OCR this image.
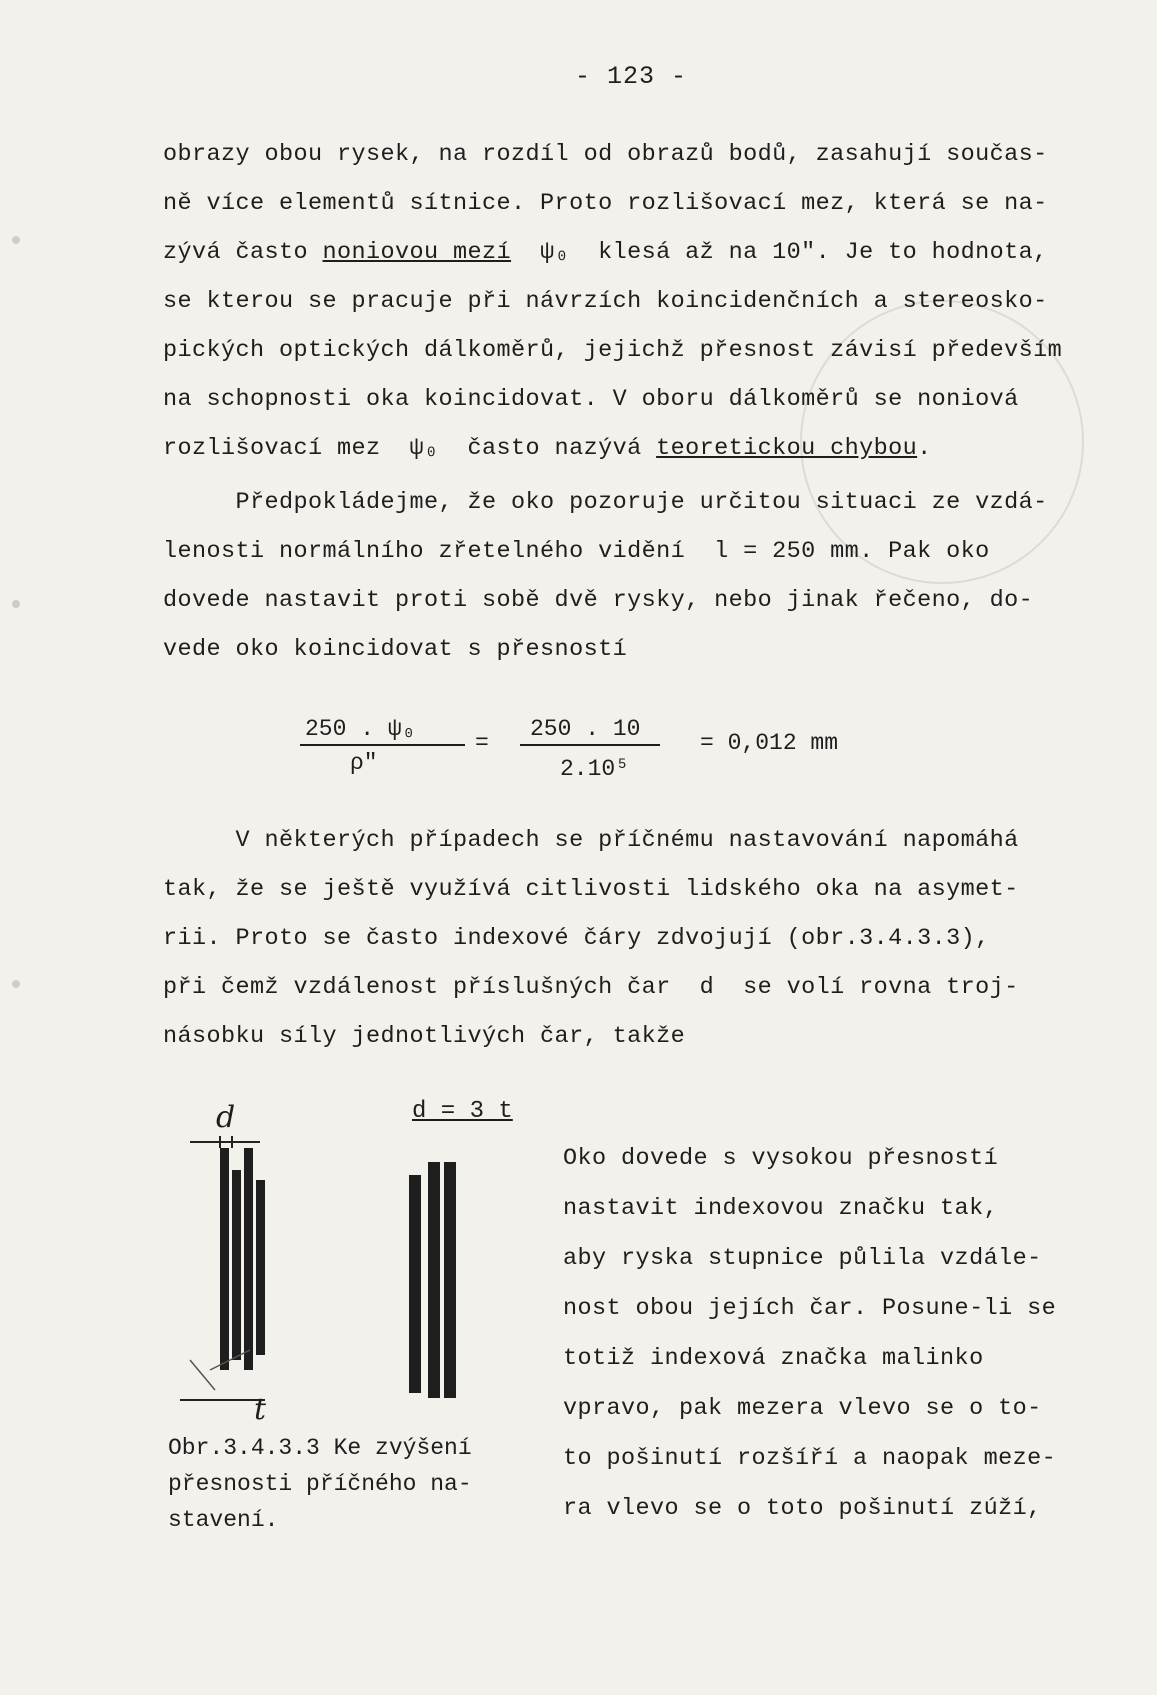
- 123 -
obrazy obou rysek, na rozdíl od obrazů bodů, zasahují součas-
ně více elementů sítnice. Proto rozlišovací mez, která se na-
zývá často noniovou mezí  ψ₀  klesá až na 10". Je to hodnota,
se kterou se pracuje při návrzích koincidenčních a stereosko-
pických optických dálkoměrů, jejichž přesnost závisí především
na schopnosti oka koincidovat. V oboru dálkoměrů se noniová
rozlišovací mez  ψ₀  často nazývá teoretickou chybou.
Předpokládejme, že oko pozoruje určitou situaci ze vzdá-
lenosti normálního zřetelného vidění  l = 250 mm. Pak oko
dovede nastavit proti sobě dvě rysky, nebo jinak řečeno, do-
vede oko koincidovat s přesností
250 . ψ₀
ρ"
=
250 . 10
2.10⁵
= 0,012 mm
V některých případech se příčnému nastavování napomáhá
tak, že se ještě využívá citlivosti lidského oka na asymet-
rii. Proto se často indexové čáry zdvojují (obr.3.4.3.3),
při čemž vzdálenost příslušných čar  d  se volí rovna troj-
násobku síly jednotlivých čar, takže
d = 3 t
d
t
Obr.3.4.3.3 Ke zvýšení
přesnosti příčného na-
stavení.
Oko dovede s vysokou přesností
nastavit indexovou značku tak,
aby ryska stupnice půlila vzdále-
nost obou jejích čar. Posune-li se
totiž indexová značka malinko
vpravo, pak mezera vlevo se o to-
to pošinutí rozšíří a naopak meze-
ra vlevo se o toto pošinutí zúží,
